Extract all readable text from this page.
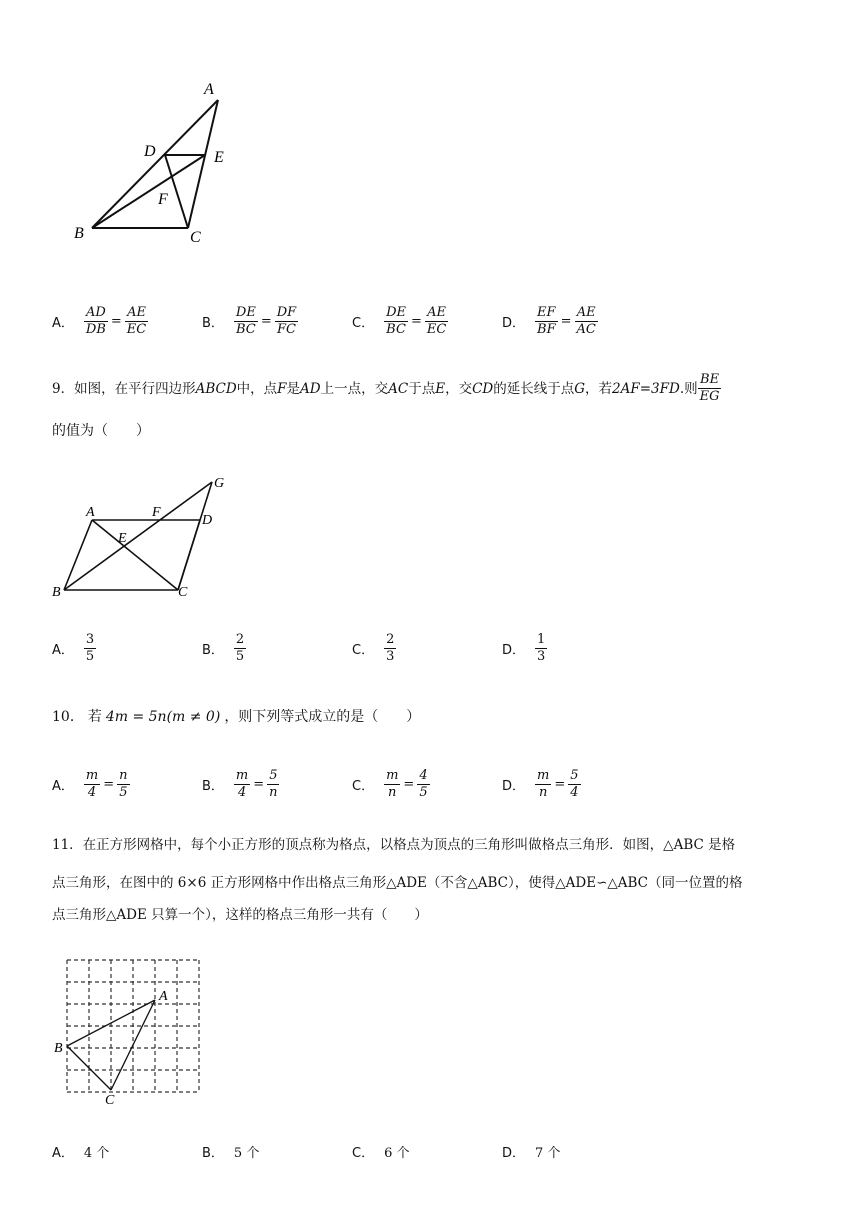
A
D	E
F
B	C
A． $\frac{AD}{DB} = \frac{AE}{EC}$	B． $\frac{DE}{BC} = \frac{DF}{FC}$	C． $\frac{DE}{BC} = \frac{AE}{EC}$	D． $\frac{EF}{BF} = \frac{AE}{AC}$
9． 如图，在平行四边形 ABCD 中，点 F 是 AD 上一点，交 AC 于点 E ，交 CD 的延长线于点 G ，若 2AF=3FD .则 $\frac{BE}{EG}$
的值为（　　）
A	F
D
G
E
B	C
A． $\frac{3}{5}$	B． $\frac{2}{5}$	C． $\frac{2}{3}$	D． $\frac{1}{3}$
10． 若 4m = 5n(m ≠ 0) ，则下列等式成立的是（　　）
A． $\frac{m}{4} = \frac{n}{5}$	B． $\frac{m}{4} = \frac{5}{n}$	C． $\frac{m}{n} = \frac{4}{5}$	D． $\frac{m}{n} = \frac{5}{4}$
11．在正方形网格中，每个小正方形的顶点称为格点，以格点为顶点的三角形叫做格点三角形．如图，△ABC 是格
点三角形，在图中的 6×6 正方形网格中作出格点三角形△ADE（不含△ABC），使得△ADE∽△ABC（同一位置的格
点三角形△ADE 只算一个），这样的格点三角形一共有（　　）
A
B
C
A． 4 个	B． 5 个	C． 6 个	D． 7 个
